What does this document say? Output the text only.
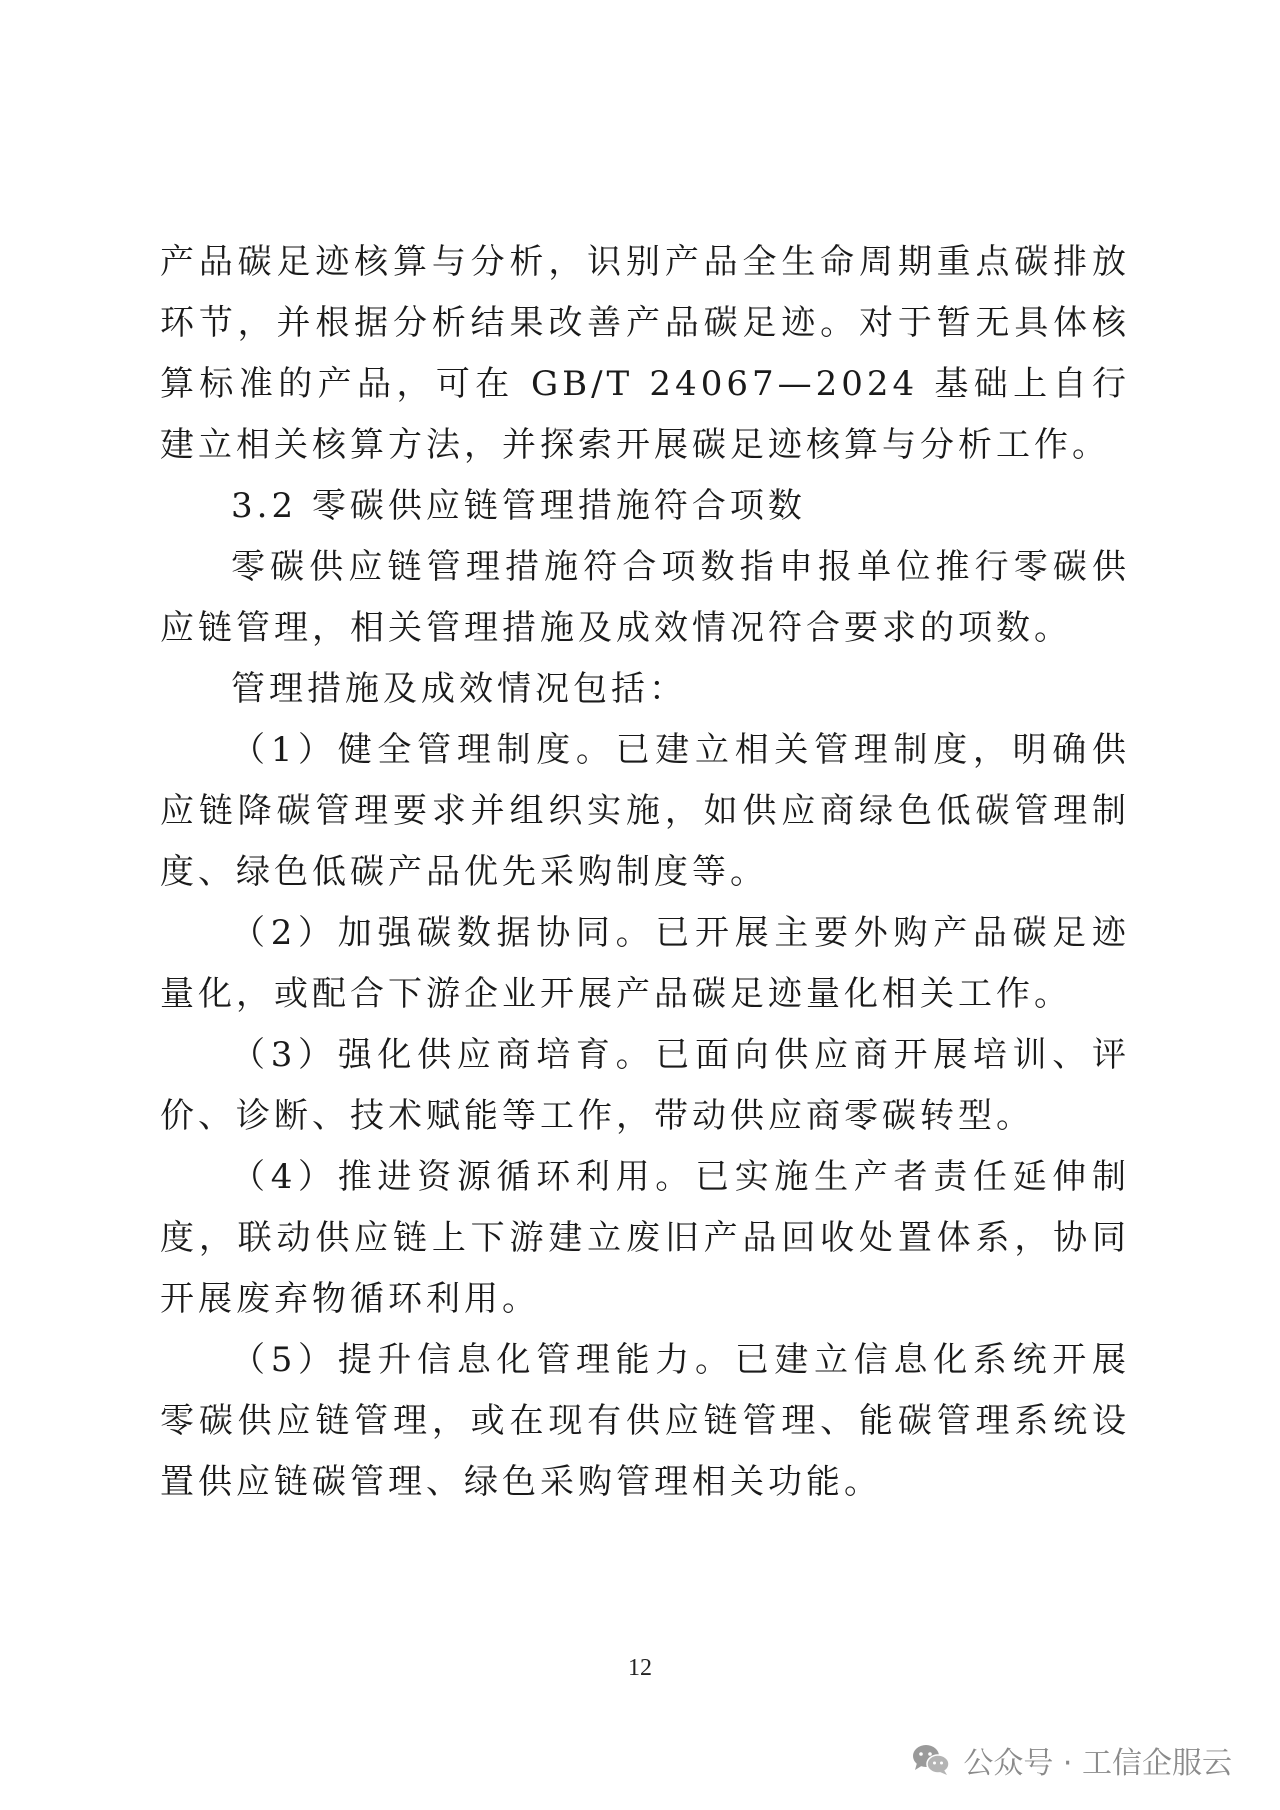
产品碳足迹核算与分析，识别产品全生命周期重点碳排放环节，并根据分析结果改善产品碳足迹。对于暂无具体核算标准的产品，可在 GB/T 24067—2024 基础上自行建立相关核算方法，并探索开展碳足迹核算与分析工作。

3.2 零碳供应链管理措施符合项数

零碳供应链管理措施符合项数指申报单位推行零碳供应链管理，相关管理措施及成效情况符合要求的项数。

管理措施及成效情况包括：

（1）健全管理制度。已建立相关管理制度，明确供应链降碳管理要求并组织实施，如供应商绿色低碳管理制度、绿色低碳产品优先采购制度等。

（2）加强碳数据协同。已开展主要外购产品碳足迹量化，或配合下游企业开展产品碳足迹量化相关工作。

（3）强化供应商培育。已面向供应商开展培训、评价、诊断、技术赋能等工作，带动供应商零碳转型。

（4）推进资源循环利用。已实施生产者责任延伸制度，联动供应链上下游建立废旧产品回收处置体系，协同开展废弃物循环利用。

（5）提升信息化管理能力。已建立信息化系统开展零碳供应链管理，或在现有供应链管理、能碳管理系统设置供应链碳管理、绿色采购管理相关功能。

12
公众号 · 工信企服云
